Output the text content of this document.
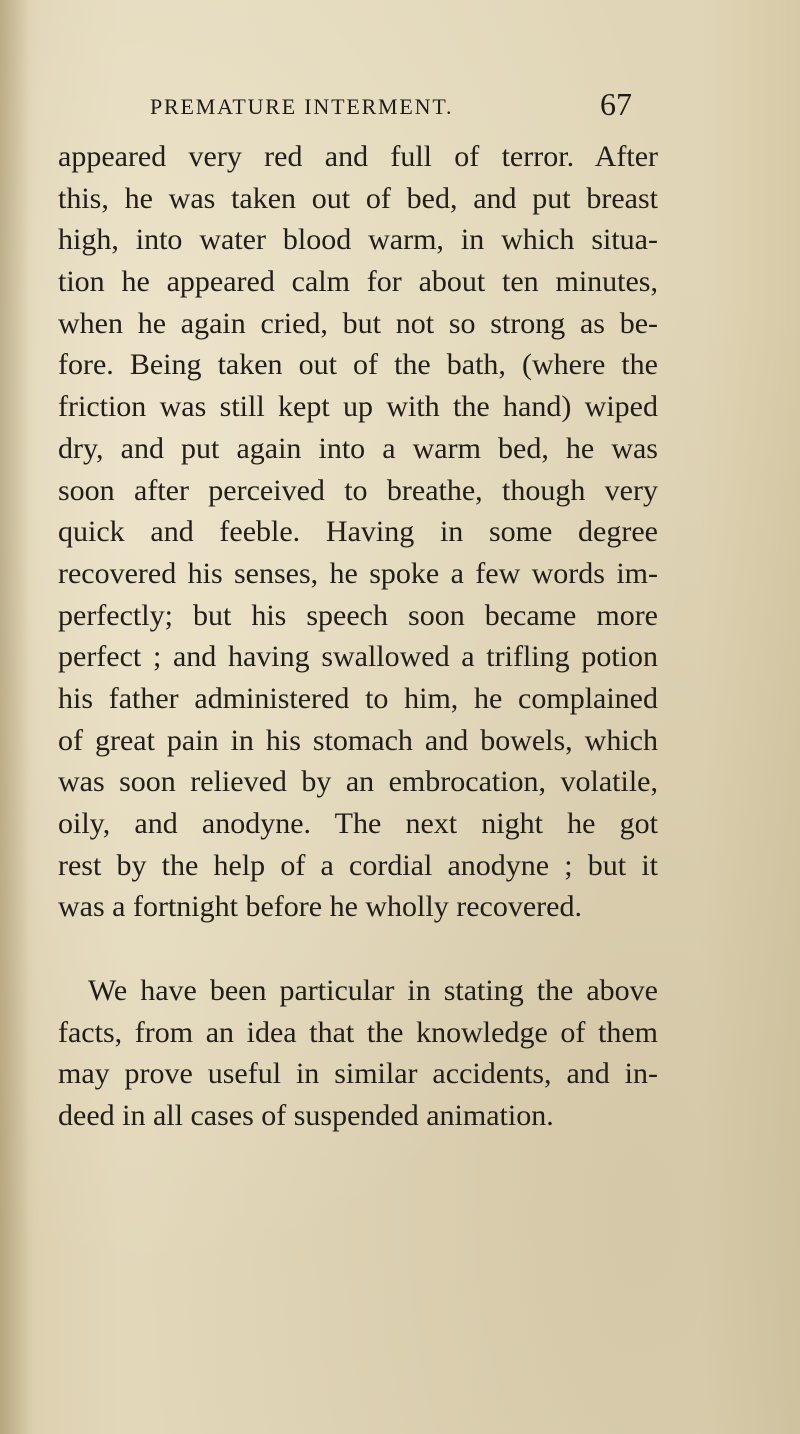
PREMATURE INTERMENT.	67
appeared very red and full of terror. After
this, he was taken out of bed, and put breast
high, into water blood warm, in which situa-
tion he appeared calm for about ten minutes,
when he again cried, but not so strong as be-
fore. Being taken out of the bath, (where the
friction was still kept up with the hand) wiped
dry, and put again into a warm bed, he was
soon after perceived to breathe, though very
quick and feeble. Having in some degree
recovered his senses, he spoke a few words im-
perfectly; but his speech soon became more
perfect ; and having swallowed a trifling potion
his father administered to him, he complained
of great pain in his stomach and bowels, which
was soon relieved by an embrocation, volatile,
oily, and anodyne. The next night he got
rest by the help of a cordial anodyne ; but it
was a fortnight before he wholly recovered.
We have been particular in stating the above
facts, from an idea that the knowledge of them
may prove useful in similar accidents, and in-
deed in all cases of suspended animation.
